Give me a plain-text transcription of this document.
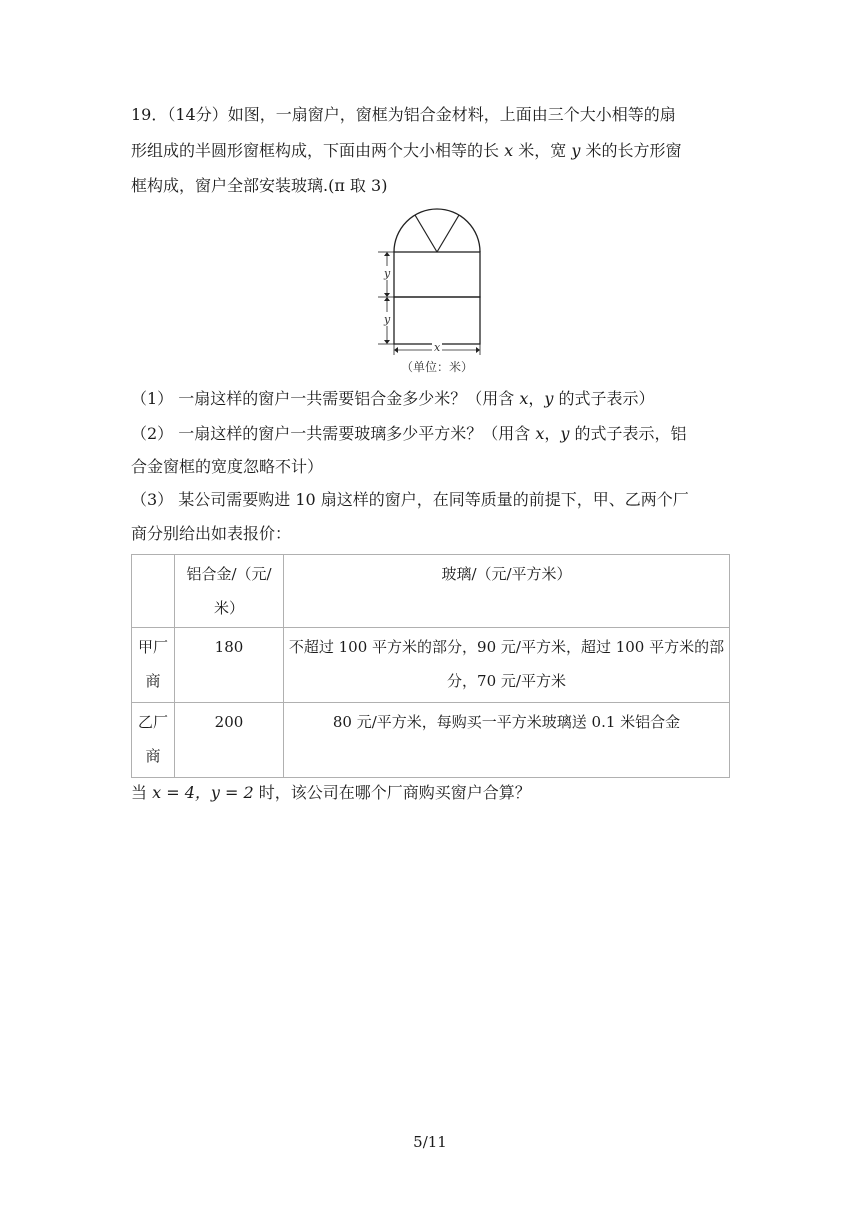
19．（14分）如图，一扇窗户，窗框为铝合金材料，上面由三个大小相等的扇
形组成的半圆形窗框构成，下面由两个大小相等的长 x 米，宽 y 米的长方形窗
框构成，窗户全部安装玻璃.(π 取 3)
y
y
x
（单位：米）
（1） 一扇这样的窗户一共需要铝合金多少米？（用含 x，y 的式子表示）
（2） 一扇这样的窗户一共需要玻璃多少平方米？（用含 x，y 的式子表示，铝
合金窗框的宽度忽略不计）
（3） 某公司需要购进 10 扇这样的窗户，在同等质量的前提下，甲、乙两个厂
商分别给出如表报价：
	铝合金/（元/米）	玻璃/（元/平方米）
甲厂商	180	不超过 100 平方米的部分，90 元/平方米，超过 100 平方米的部分，70 元/平方米
乙厂商	200	80 元/平方米，每购买一平方米玻璃送 0.1 米铝合金
当 x = 4，y = 2 时，该公司在哪个厂商购买窗户合算？
5/11
